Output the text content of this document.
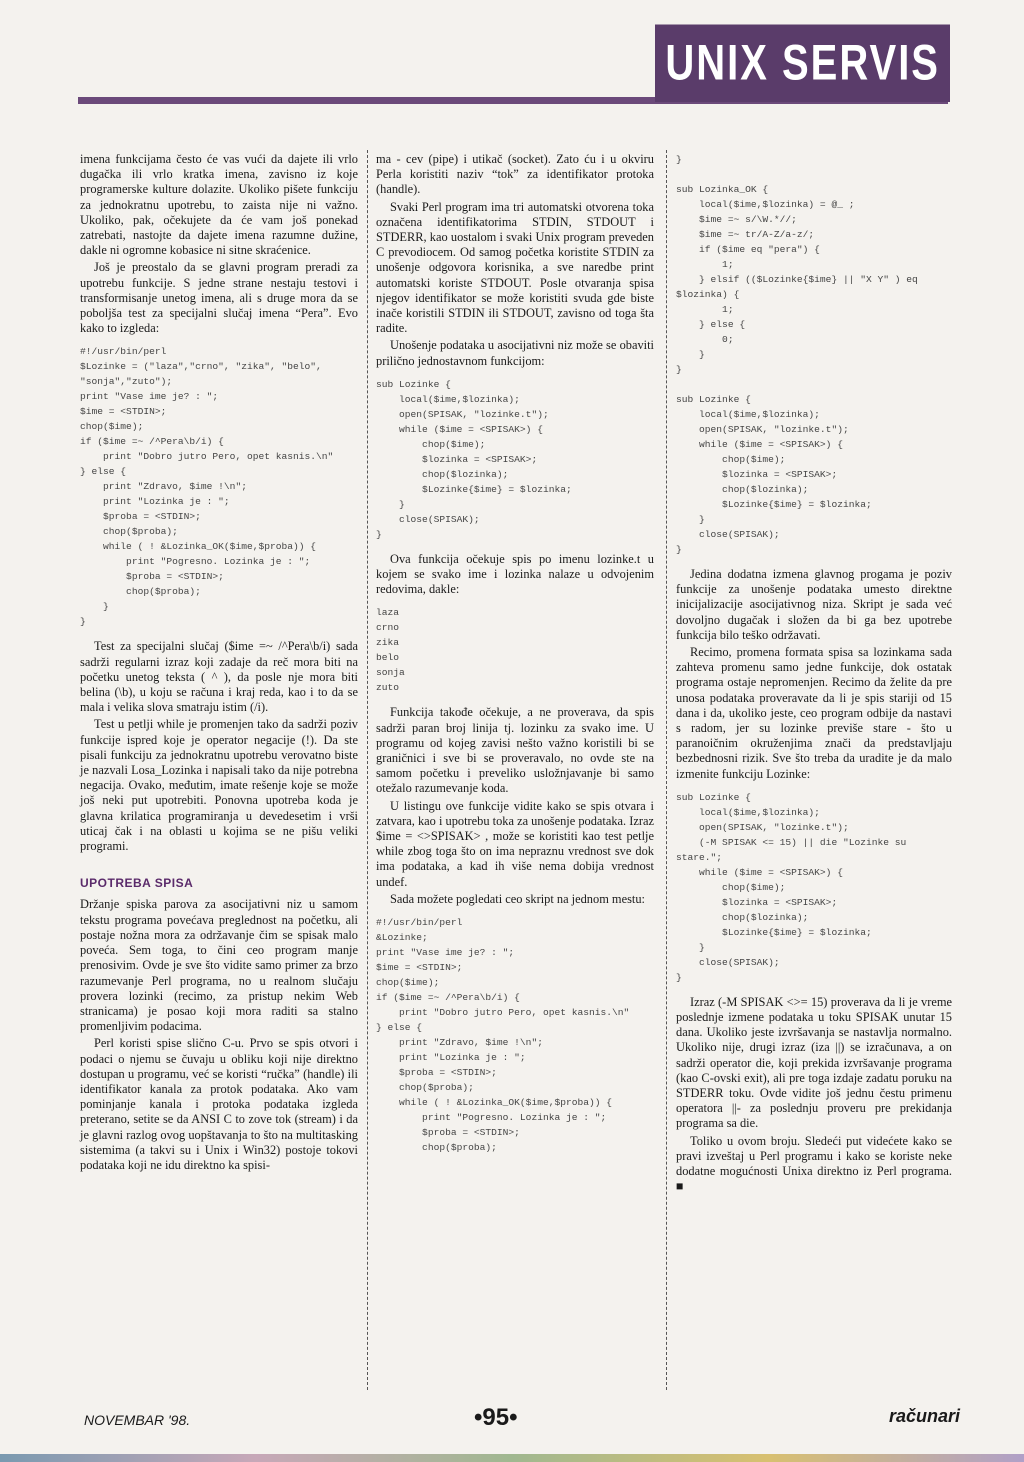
UNIX SERVIS

imena funkcijama često će vas vući da dajete ili vrlo dugačka ili vrlo kratka imena, zavisno iz koje programerske kulture dolazite. Ukoliko pišete funkciju za jednokratnu upotrebu, to zaista nije ni važno. Ukoliko, pak, očekujete da će vam još ponekad zatrebati, nastojte da dajete imena razumne dužine, dakle ni ogromne kobasice ni sitne skraćenice.

Još je preostalo da se glavni program preradi za upotrebu funkcije. S jedne strane nestaju testovi i transformisanje unetog imena, ali s druge mora da se poboljša test za specijalni slučaj imena “Pera”. Evo kako to izgleda:

#!/usr/bin/perl
$Lozinke = ("laza","crno", "zika", "belo",
"sonja","zuto");
print "Vase ime je? : ";
$ime = <STDIN>;
chop($ime);
if ($ime =~ /^Pera\b/i) {
print "Dobro jutro Pero, opet kasnis.\n"
} else {
print "Zdravo, $ime !\n";
print "Lozinka je : ";
$proba = <STDIN>;
chop($proba);
while ( ! &Lozinka_OK($ime,$proba)) {
print "Pogresno. Lozinka je : ";
$proba = <STDIN>;
chop($proba);
}
}

Test za specijalni slučaj ($ime =~ /^Pera\b/i) sada sadrži regularni izraz koji zadaje da reč mora biti na početku unetog teksta ( ^ ), da posle nje mora biti belina (\b), u koju se računa i kraj reda, kao i to da se mala i velika slova smatraju istim (/i).

Test u petlji while je promenjen tako da sadrži poziv funkcije ispred koje je operator negacije (!). Da ste pisali funkciju za jednokratnu upotrebu verovatno biste je nazvali Losa_Lozinka i napisali tako da nije potrebna negacija. Ovako, međutim, imate rešenje koje se može još neki put upotrebiti. Ponovna upotreba koda je glavna krilatica programiranja u devedesetim i vrši uticaj čak i na oblasti u kojima se ne pišu veliki programi.

UPOTREBA SPISA

Držanje spiska parova za asocijativni niz u samom tekstu programa povećava preglednost na početku, ali postaje nožna mora za održavanje čim se spisak malo poveća. Sem toga, to čini ceo program manje prenosivim. Ovde je sve što vidite samo primer za brzo razumevanje Perl programa, no u realnom slučaju provera lozinki (recimo, za pristup nekim Web stranicama) je posao koji mora raditi sa stalno promenljivim podacima.

Perl koristi spise slično C-u. Prvo se spis otvori i podaci o njemu se čuvaju u obliku koji nije direktno dostupan u programu, već se koristi “ručka” (handle) ili identifikator kanala za protok podataka. Ako vam pominjanje kanala i protoka podataka izgleda preterano, setite se da ANSI C to zove tok (stream) i da je glavni razlog ovog uopštavanja to što na multitasking sistemima (a takvi su i Unix i Win32) postoje tokovi podataka koji ne idu direktno ka spisi-

ma - cev (pipe) i utikač (socket). Zato ću i u okviru Perla koristiti naziv “tok” za identifikator protoka (handle).

Svaki Perl program ima tri automatski otvorena toka označena identifikatorima STDIN, STDOUT i STDERR, kao uostalom i svaki Unix program preveden C prevodiocem. Od samog početka koristite STDIN za unošenje odgovora korisnika, a sve naredbe print automatski koriste STDOUT. Posle otvaranja spisa njegov identifikator se može koristiti svuda gde biste inače koristili STDIN ili STDOUT, zavisno od toga šta radite.

Unošenje podataka u asocijativni niz može se obaviti prilično jednostavnom funkcijom:

sub Lozinke {
local($ime,$lozinka);
open(SPISAK, "lozinke.t");
while ($ime = <SPISAK>) {
chop($ime);
$lozinka = <SPISAK>;
chop($lozinka);
$Lozinke{$ime} = $lozinka;
}
close(SPISAK);
}

Ova funkcija očekuje spis po imenu lozinke.t u kojem se svako ime i lozinka nalaze u odvojenim redovima, dakle:

laza
crno
zika
belo
sonja
zuto

Funkcija takođe očekuje, a ne proverava, da spis sadrži paran broj linija tj. lozinku za svako ime. U programu od kojeg zavisi nešto važno koristili bi se graničnici i sve bi se proveravalo, no ovde ste na samom početku i preveliko usložnjavanje bi samo otežalo razumevanje koda.

U listingu ove funkcije vidite kako se spis otvara i zatvara, kao i upotrebu toka za unošenje podataka. Izraz $ime = <>SPISAK> , može se koristiti kao test petlje while zbog toga što on ima nepraznu vrednost sve dok ima podataka, a kad ih više nema dobija vrednost undef.

Sada možete pogledati ceo skript na jednom mestu:

#!/usr/bin/perl
&Lozinke;
print "Vase ime je? : ";
$ime = <STDIN>;
chop($ime);
if ($ime =~ /^Pera\b/i) {
print "Dobro jutro Pero, opet kasnis.\n"
} else {
print "Zdravo, $ime !\n";
print "Lozinka je : ";
$proba = <STDIN>;
chop($proba);
while ( ! &Lozinka_OK($ime,$proba)) {
print "Pogresno. Lozinka je : ";
$proba = <STDIN>;
chop($proba);
}

sub Lozinka_OK {
local($ime,$lozinka) = @_ ;
$ime =~ s/\W.*//;
$ime =~ tr/A-Z/a-z/;
if ($ime eq "pera") {
1;
} elsif (($Lozinke{$ime} || "X Y" ) eq
$lozinka) {
1;
} else {
0;
}
}

sub Lozinke {
local($ime,$lozinka);
open(SPISAK, "lozinke.t");
while ($ime = <SPISAK>) {
chop($ime);
$lozinka = <SPISAK>;
chop($lozinka);
$Lozinke{$ime} = $lozinka;
}
close(SPISAK);
}

Jedina dodatna izmena glavnog progama je poziv funkcije za unošenje podataka umesto direktne inicijalizacije asocijativnog niza. Skript je sada već dovoljno dugačak i složen da bi ga bez upotrebe funkcija bilo teško održavati.

Recimo, promena formata spisa sa lozinkama sada zahteva promenu samo jedne funkcije, dok ostatak programa ostaje nepromenjen. Recimo da želite da pre unosa podataka proveravate da li je spis stariji od 15 dana i da, ukoliko jeste, ceo program odbije da nastavi s radom, jer su lozinke previše stare - što u paranoičnim okruženjima znači da predstavljaju bezbednosni rizik. Sve što treba da uradite je da malo izmenite funkciju Lozinke:

sub Lozinke {
local($ime,$lozinka);
open(SPISAK, "lozinke.t");
(-M SPISAK <= 15) || die "Lozinke su
stare.";
while ($ime = <SPISAK>) {
chop($ime);
$lozinka = <SPISAK>;
chop($lozinka);
$Lozinke{$ime} = $lozinka;
}
close(SPISAK);
}

Izraz (-M SPISAK <>= 15) proverava da li je vreme poslednje izmene podataka u toku SPISAK unutar 15 dana. Ukoliko jeste izvršavanja se nastavlja normalno. Ukoliko nije, drugi izraz (iza ||) se izračunava, a on sadrži operator die, koji prekida izvršavanje programa (kao C-ovski exit), ali pre toga izdaje zadatu poruku na STDERR toku. Ovde vidite još jednu čestu primenu operatora ||- za poslednju proveru pre prekidanja programa sa die.

Toliko u ovom broju. Sledeći put videćete kako se pravi izveštaj u Perl programu i kako se koriste neke dodatne mogućnosti Unixa direktno iz Perl programa. ■

NOVEMBAR '98.	•95•	računari
